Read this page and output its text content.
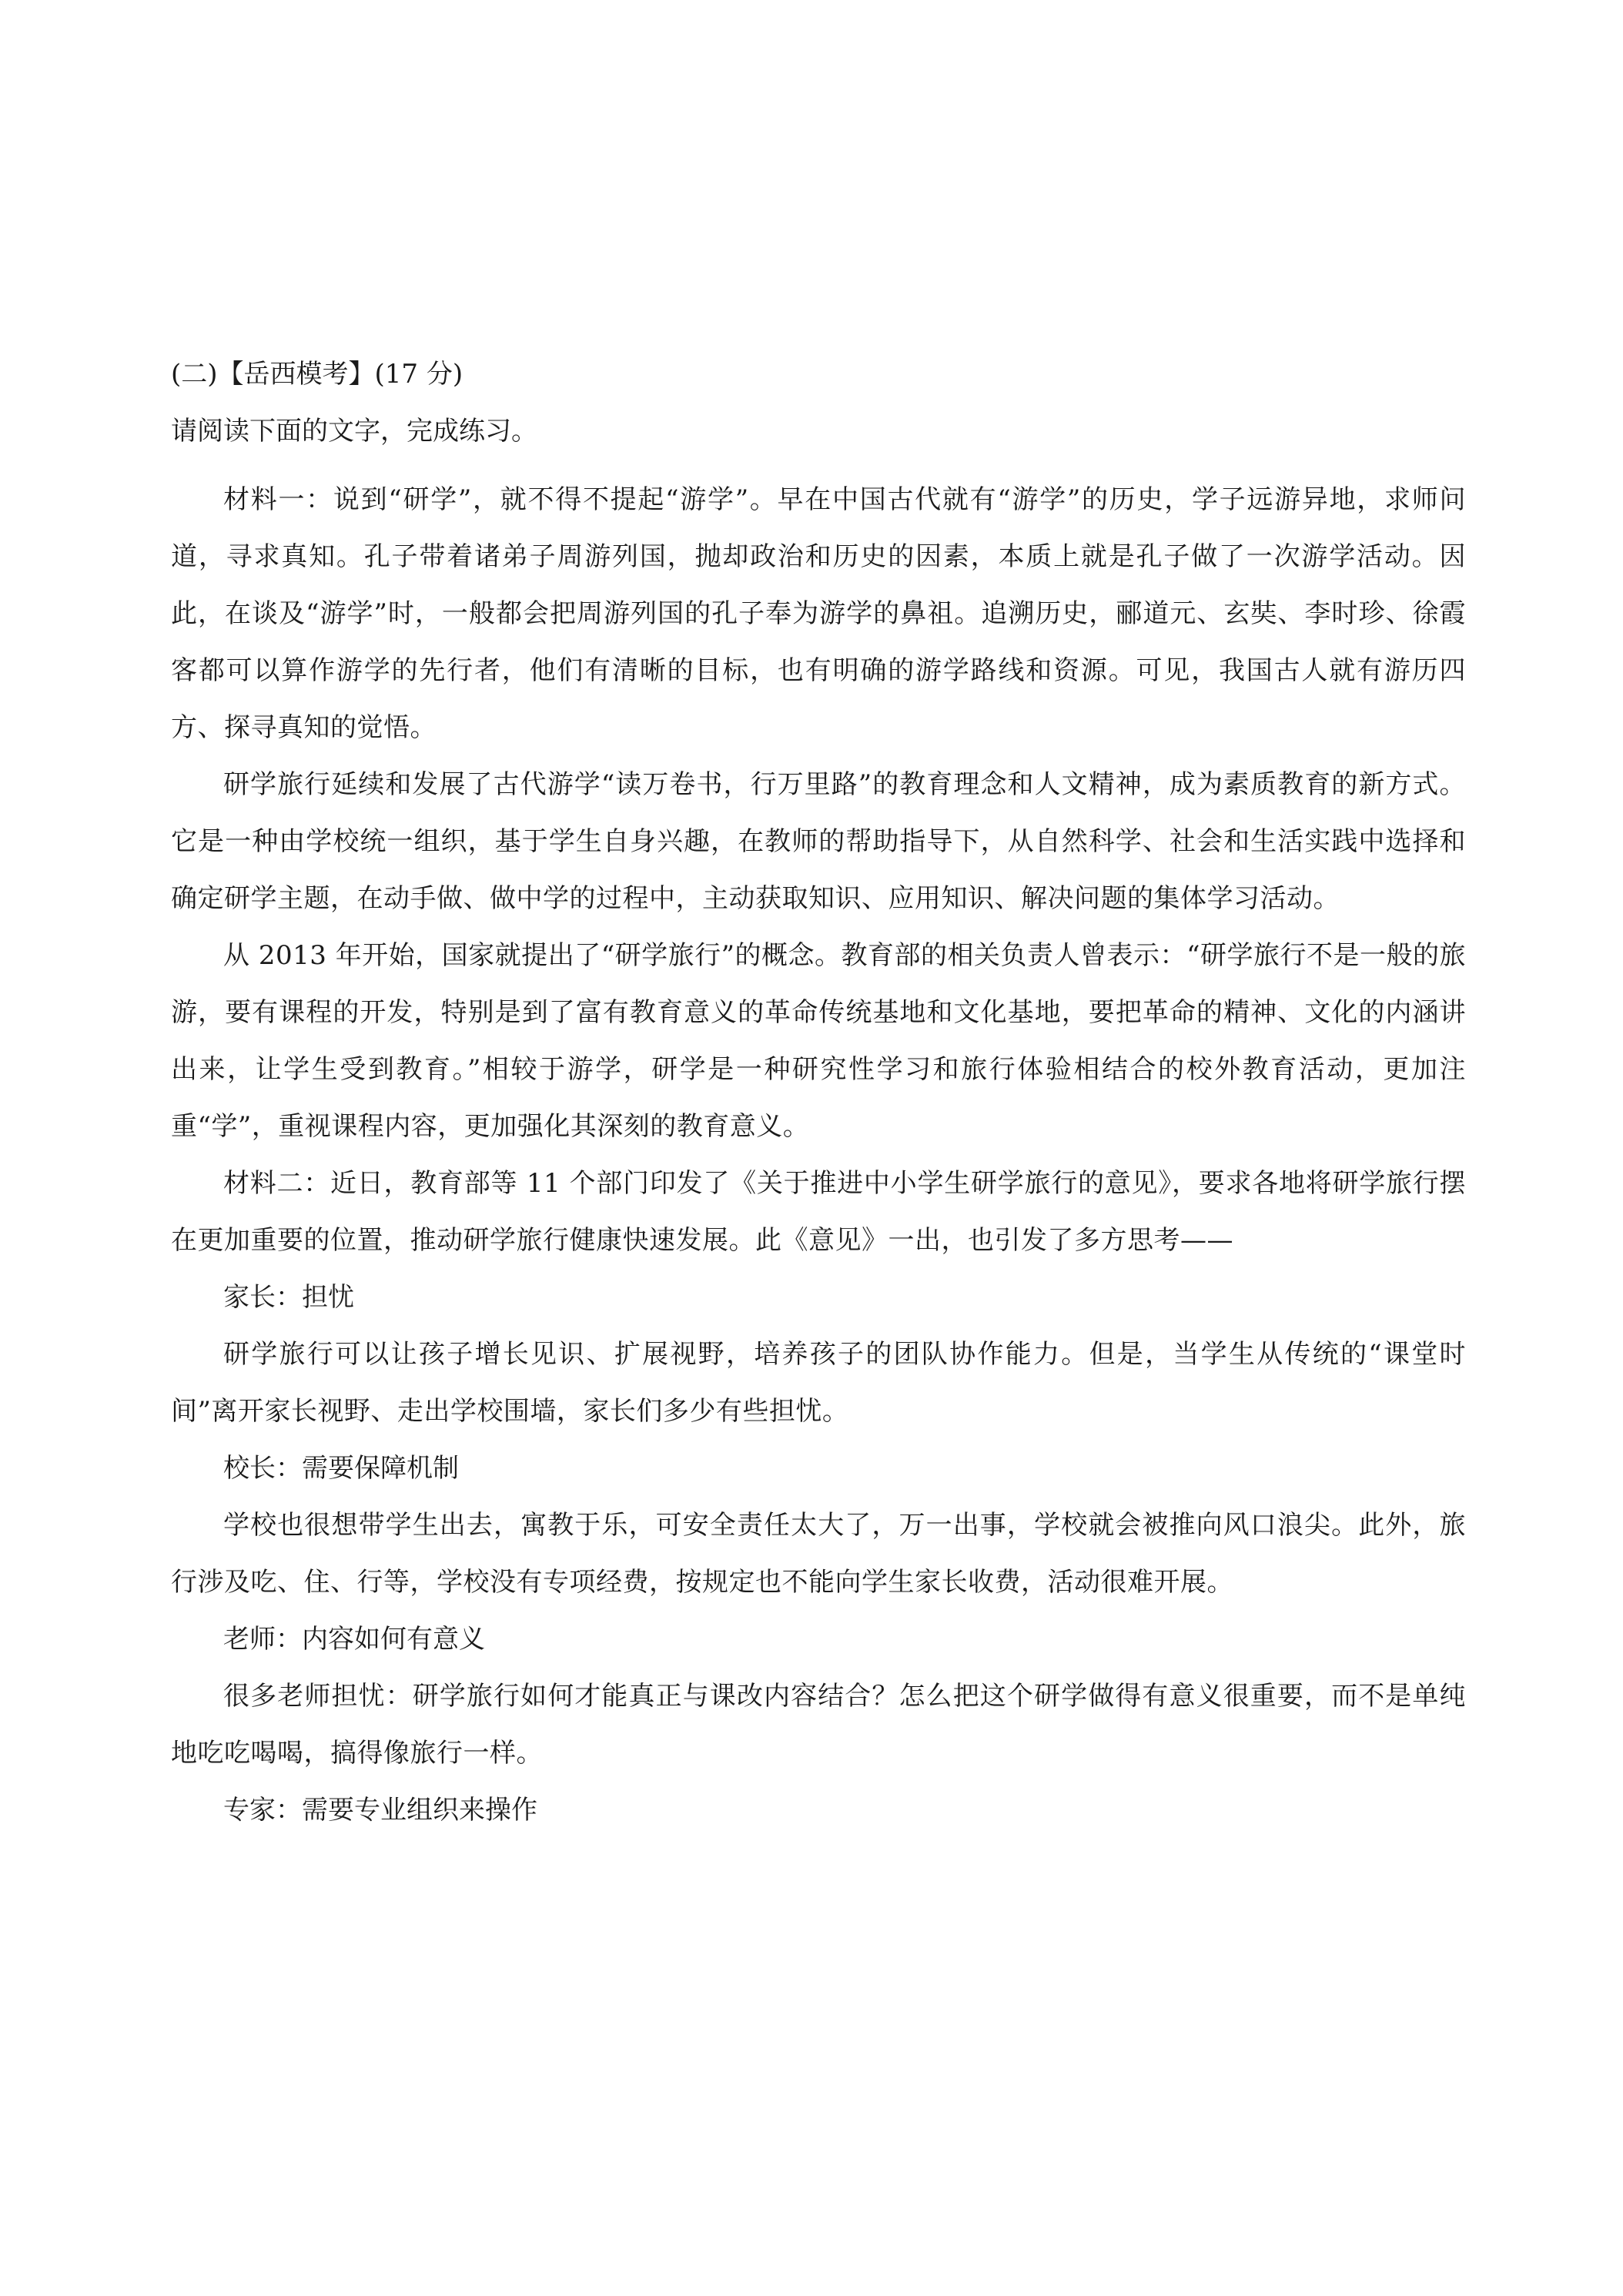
(二)【岳西模考】(17 分)
请阅读下面的文字，完成练习。

材料一：说到“研学”，就不得不提起“游学”。早在中国古代就有“游学”的历史，学子远游异地，求师问道，寻求真知。孔子带着诸弟子周游列国，抛却政治和历史的因素，本质上就是孔子做了一次游学活动。因此，在谈及“游学”时，一般都会把周游列国的孔子奉为游学的鼻祖。追溯历史，郦道元、玄奘、李时珍、徐霞客都可以算作游学的先行者，他们有清晰的目标，也有明确的游学路线和资源。可见，我国古人就有游历四方、探寻真知的觉悟。

研学旅行延续和发展了古代游学“读万卷书，行万里路”的教育理念和人文精神，成为素质教育的新方式。它是一种由学校统一组织，基于学生自身兴趣，在教师的帮助指导下，从自然科学、社会和生活实践中选择和确定研学主题，在动手做、做中学的过程中，主动获取知识、应用知识、解决问题的集体学习活动。

从 2013 年开始，国家就提出了“研学旅行”的概念。教育部的相关负责人曾表示：“研学旅行不是一般的旅游，要有课程的开发，特别是到了富有教育意义的革命传统基地和文化基地，要把革命的精神、文化的内涵讲出来，让学生受到教育。”相较于游学，研学是一种研究性学习和旅行体验相结合的校外教育活动，更加注重“学”，重视课程内容，更加强化其深刻的教育意义。

材料二：近日，教育部等 11 个部门印发了《关于推进中小学生研学旅行的意见》，要求各地将研学旅行摆在更加重要的位置，推动研学旅行健康快速发展。此《意见》一出，也引发了多方思考——

家长：担忧

研学旅行可以让孩子增长见识、扩展视野，培养孩子的团队协作能力。但是，当学生从传统的“课堂时间”离开家长视野、走出学校围墙，家长们多少有些担忧。

校长：需要保障机制

学校也很想带学生出去，寓教于乐，可安全责任太大了，万一出事，学校就会被推向风口浪尖。此外，旅行涉及吃、住、行等，学校没有专项经费，按规定也不能向学生家长收费，活动很难开展。

老师：内容如何有意义

很多老师担忧：研学旅行如何才能真正与课改内容结合？怎么把这个研学做得有意义很重要，而不是单纯地吃吃喝喝，搞得像旅行一样。

专家：需要专业组织来操作
